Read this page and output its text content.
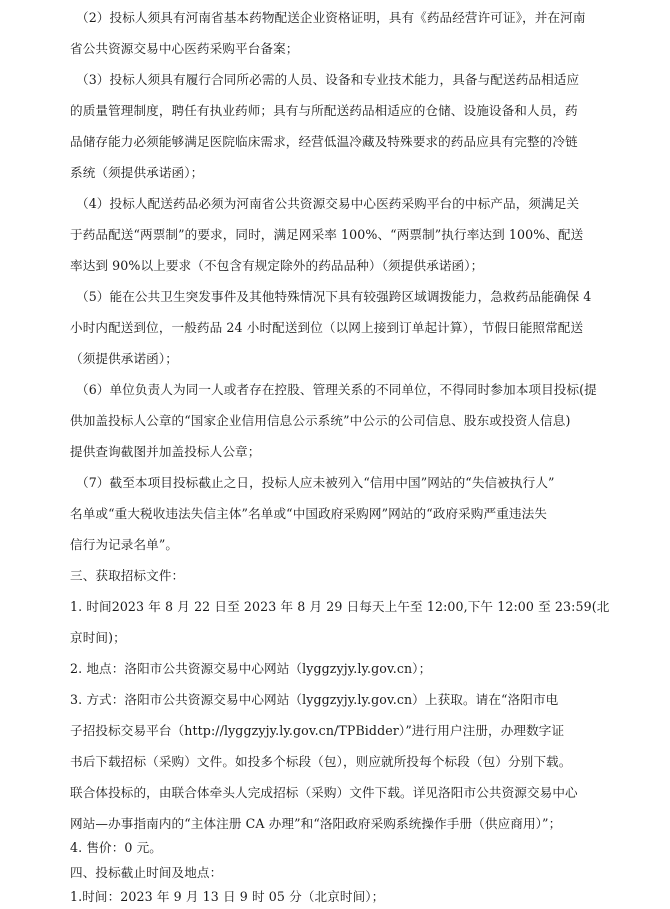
（2）投标人须具有河南省基本药物配送企业资格证明，具有《药品经营许可证》，并在河南
省公共资源交易中心医药采购平台备案；
（3）投标人须具有履行合同所必需的人员、设备和专业技术能力，具备与配送药品相适应
的质量管理制度，聘任有执业药师；具有与所配送药品相适应的仓储、设施设备和人员，药
品储存能力必须能够满足医院临床需求，经营低温冷藏及特殊要求的药品应具有完整的冷链
系统（须提供承诺函）；
（4）投标人配送药品必须为河南省公共资源交易中心医药采购平台的中标产品，须满足关
于药品配送“两票制”的要求，同时，满足网采率 100%、“两票制”执行率达到 100%、配送
率达到 90%以上要求（不包含有规定除外的药品品种）（须提供承诺函）；
（5）能在公共卫生突发事件及其他特殊情况下具有较强跨区域调拨能力，急救药品能确保 4
小时内配送到位，一般药品 24 小时配送到位（以网上接到订单起计算），节假日能照常配送
（须提供承诺函）；
（6）单位负责人为同一人或者存在控股、管理关系的不同单位，不得同时参加本项目投标(提
供加盖投标人公章的“国家企业信用信息公示系统”中公示的公司信息、股东或投资人信息)
提供查询截图并加盖投标人公章；
（7）截至本项目投标截止之日，投标人应未被列入“信用中国”网站的“失信被执行人”
名单或“重大税收违法失信主体”名单或“中国政府采购网”网站的“政府采购严重违法失
信行为记录名单”。
三、获取招标文件：
1. 时间2023 年 8 月 22 日至 2023 年 8 月 29 日每天上午至 12:00,下午 12:00 至 23:59(北
京时间)；
2. 地点：洛阳市公共资源交易中心网站（lyggzyjy.ly.gov.cn）；
3. 方式：洛阳市公共资源交易中心网站（lyggzyjy.ly.gov.cn）上获取。请在“洛阳市电
子招投标交易平台（http://lyggzyjy.ly.gov.cn/TPBidder）”进行用户注册，办理数字证
书后下载招标（采购）文件。如投多个标段（包），则应就所投每个标段（包）分别下载。
联合体投标的，由联合体牵头人完成招标（采购）文件下载。详见洛阳市公共资源交易中心
网站—办事指南内的“主体注册 CA 办理”和“洛阳政府采购系统操作手册（供应商用）”；
4. 售价：0 元。
四、投标截止时间及地点：
1.时间：2023 年 9 月 13 日 9 时 05 分（北京时间）；
